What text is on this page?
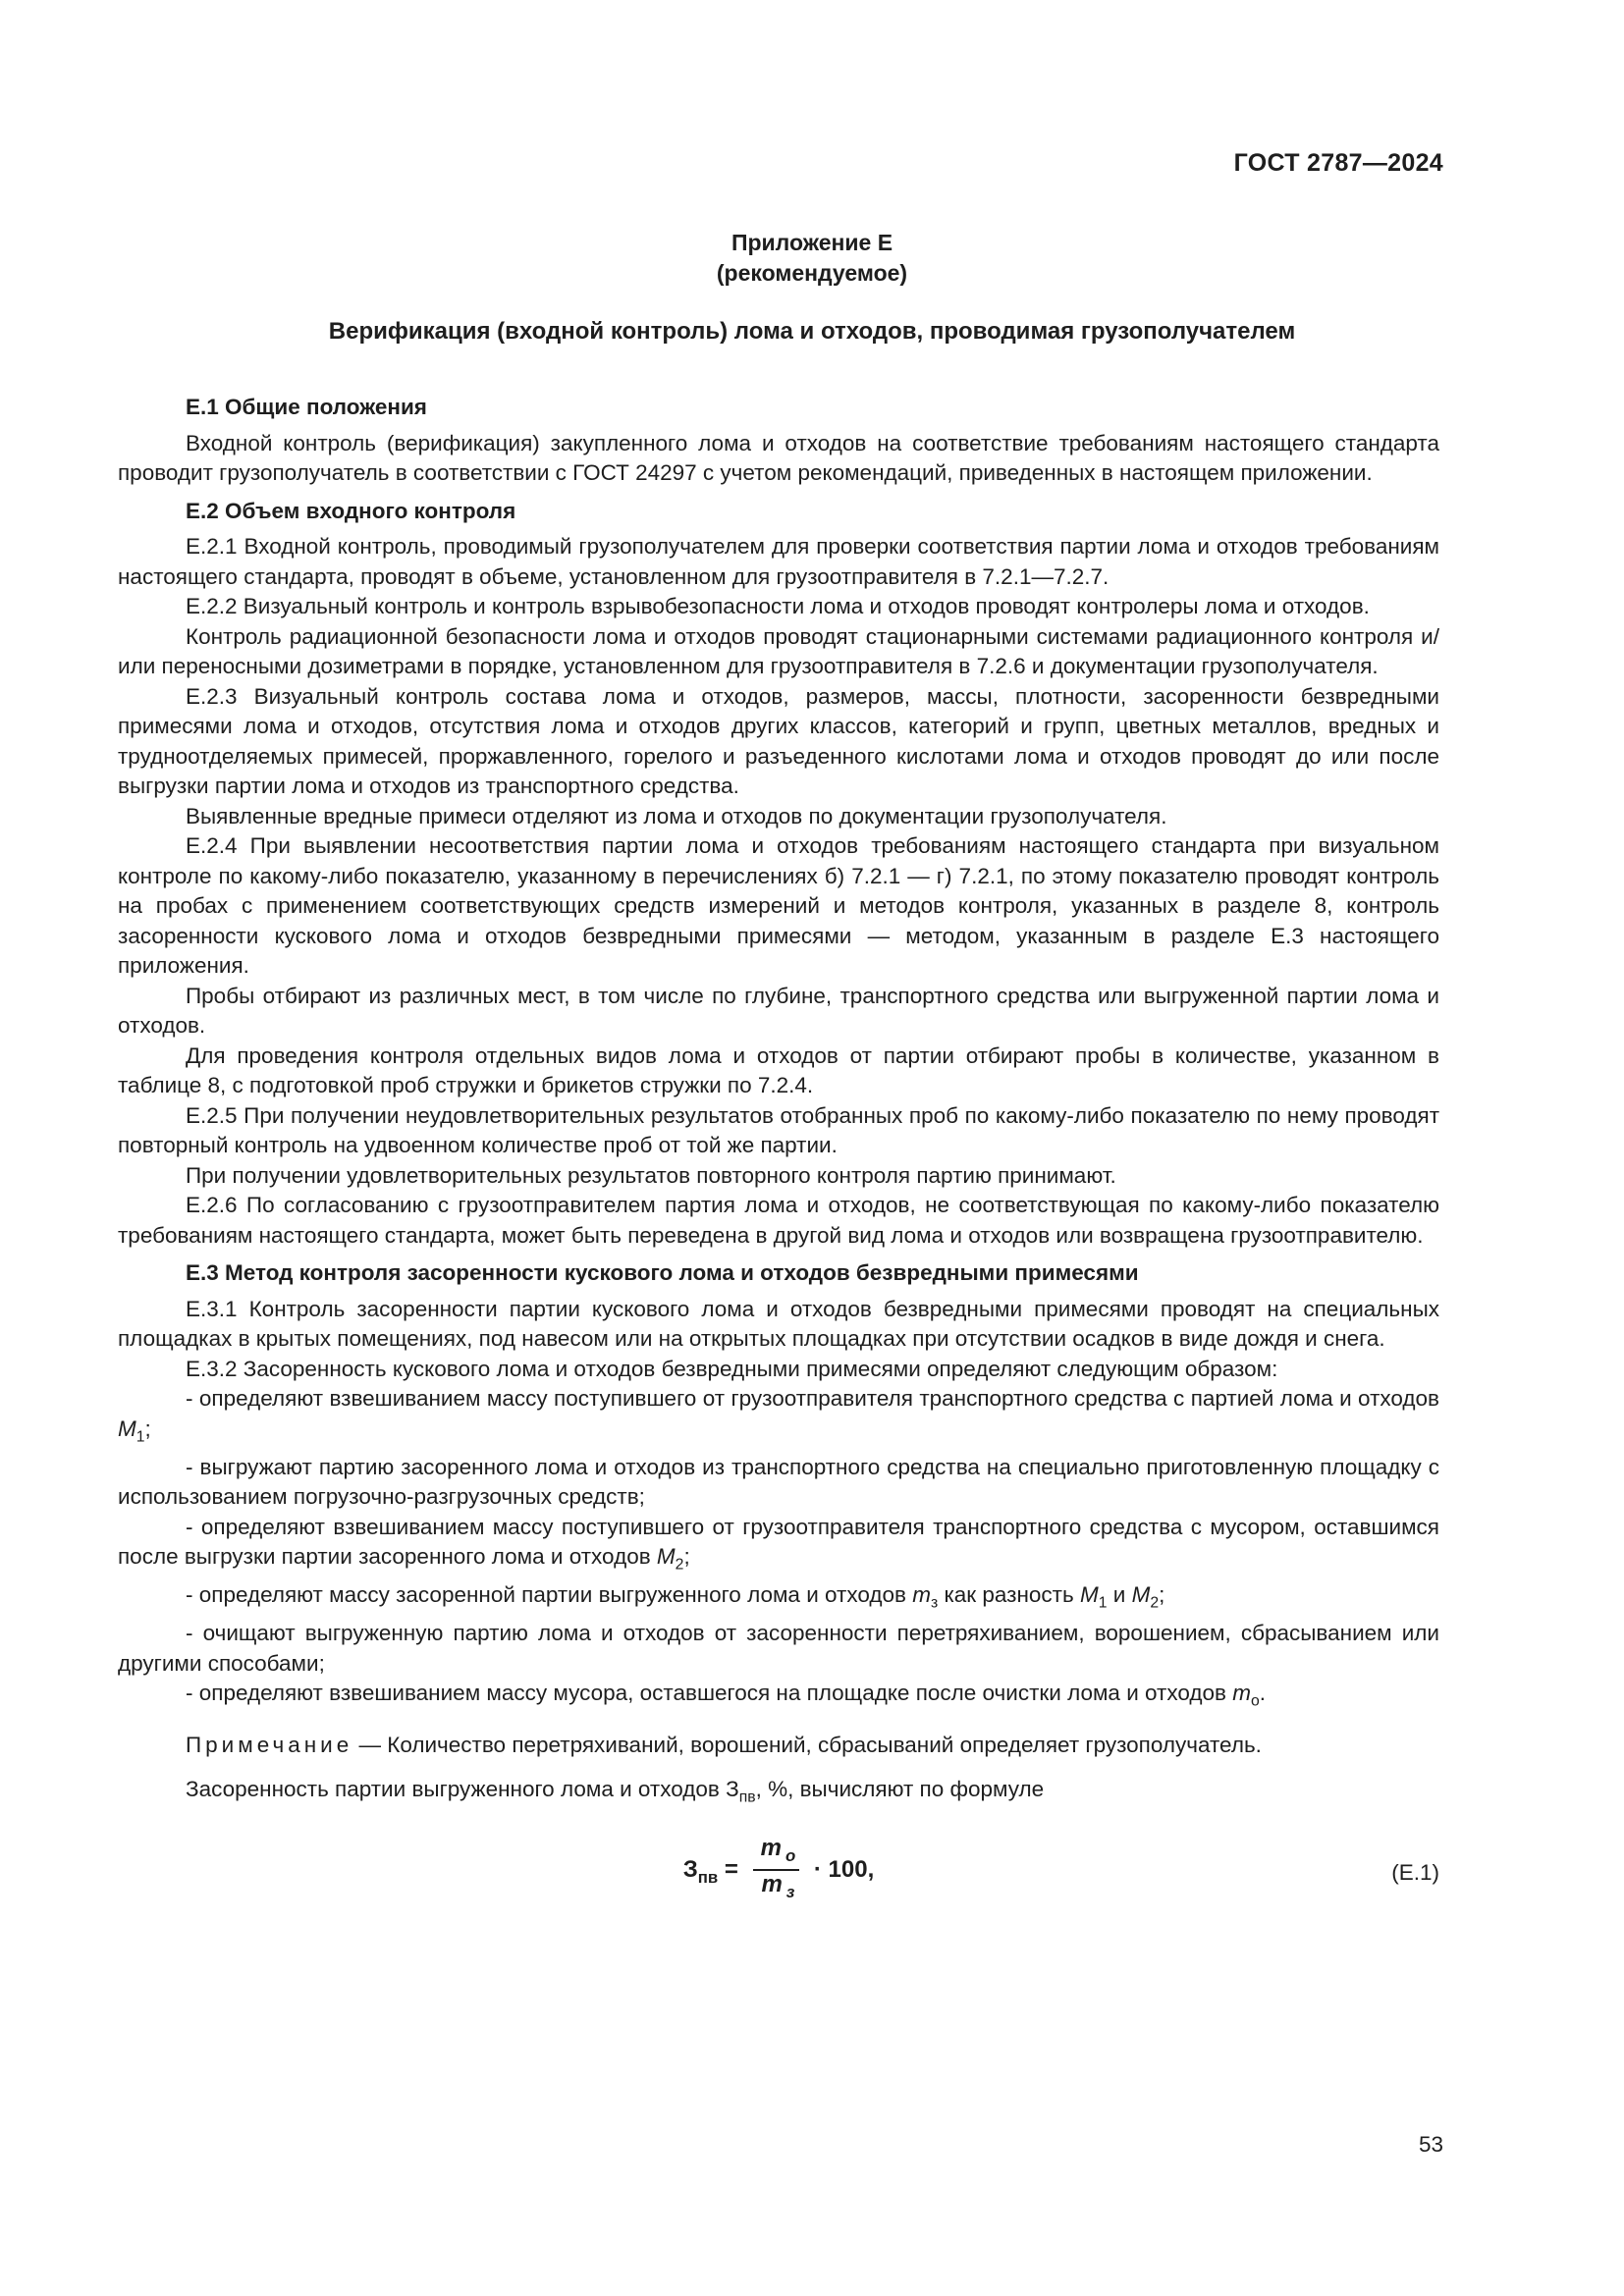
ГОСТ 2787—2024
Приложение Е
(рекомендуемое)
Верификация (входной контроль) лома и отходов, проводимая грузополучателем
Е.1 Общие положения

Входной контроль (верификация) закупленного лома и отходов на соответствие требованиям настоящего стандарта проводит грузополучатель в соответствии с ГОСТ 24297 с учетом рекомендаций, приведенных в настоящем приложении.

Е.2 Объем входного контроля

Е.2.1 Входной контроль, проводимый грузополучателем для проверки соответствия партии лома и отходов требованиям настоящего стандарта, проводят в объеме, установленном для грузоотправителя в 7.2.1—7.2.7.

Е.2.2 Визуальный контроль и контроль взрывобезопасности лома и отходов проводят контролеры лома и отходов.

Контроль радиационной безопасности лома и отходов проводят стационарными системами радиационного контроля и/или переносными дозиметрами в порядке, установленном для грузоотправителя в 7.2.6 и документации грузополучателя.

Е.2.3 Визуальный контроль состава лома и отходов, размеров, массы, плотности, засоренности безвредными примесями лома и отходов, отсутствия лома и отходов других классов, категорий и групп, цветных металлов, вредных и трудноотделяемых примесей, проржавленного, горелого и разъеденного кислотами лома и отходов проводят до или после выгрузки партии лома и отходов из транспортного средства.

Выявленные вредные примеси отделяют из лома и отходов по документации грузополучателя.

Е.2.4 При выявлении несоответствия партии лома и отходов требованиям настоящего стандарта при визуальном контроле по какому-либо показателю, указанному в перечислениях б) 7.2.1 — г) 7.2.1, по этому показателю проводят контроль на пробах с применением соответствующих средств измерений и методов контроля, указанных в разделе 8, контроль засоренности кускового лома и отходов безвредными примесями — методом, указанным в разделе Е.3 настоящего приложения.

Пробы отбирают из различных мест, в том числе по глубине, транспортного средства или выгруженной партии лома и отходов.

Для проведения контроля отдельных видов лома и отходов от партии отбирают пробы в количестве, указанном в таблице 8, с подготовкой проб стружки и брикетов стружки по 7.2.4.

Е.2.5 При получении неудовлетворительных результатов отобранных проб по какому-либо показателю по нему проводят повторный контроль на удвоенном количестве проб от той же партии.

При получении удовлетворительных результатов повторного контроля партию принимают.

Е.2.6 По согласованию с грузоотправителем партия лома и отходов, не соответствующая по какому-либо показателю требованиям настоящего стандарта, может быть переведена в другой вид лома и отходов или возвращена грузоотправителю.

Е.3 Метод контроля засоренности кускового лома и отходов безвредными примесями

Е.3.1 Контроль засоренности партии кускового лома и отходов безвредными примесями проводят на специальных площадках в крытых помещениях, под навесом или на открытых площадках при отсутствии осадков в виде дождя и снега.

Е.3.2 Засоренность кускового лома и отходов безвредными примесями определяют следующим образом:

- определяют взвешиванием массу поступившего от грузоотправителя транспортного средства с партией лома и отходов $M_1$;

- выгружают партию засоренного лома и отходов из транспортного средства на специально приготовленную площадку с использованием погрузочно-разгрузочных средств;

- определяют взвешиванием массу поступившего от грузоотправителя транспортного средства с мусором, оставшимся после выгрузки партии засоренного лома и отходов $M_2$;

- определяют массу засоренной партии выгруженного лома и отходов $m_з$ как разность $M_1$ и $M_2$;

- очищают выгруженную партию лома и отходов от засоренности перетряхиванием, ворошением, сбрасыванием или другими способами;

- определяют взвешиванием массу мусора, оставшегося на площадке после очистки лома и отходов $m_о$.

Примечание — Количество перетряхиваний, ворошений, сбрасываний определяет грузополучатель.

Засоренность партии выгруженного лома и отходов $З_{пв}$, %, вычисляют по формуле

$З_{пв} = \frac{m _о}{m _з} \cdot 100$,	(Е.1)
53
